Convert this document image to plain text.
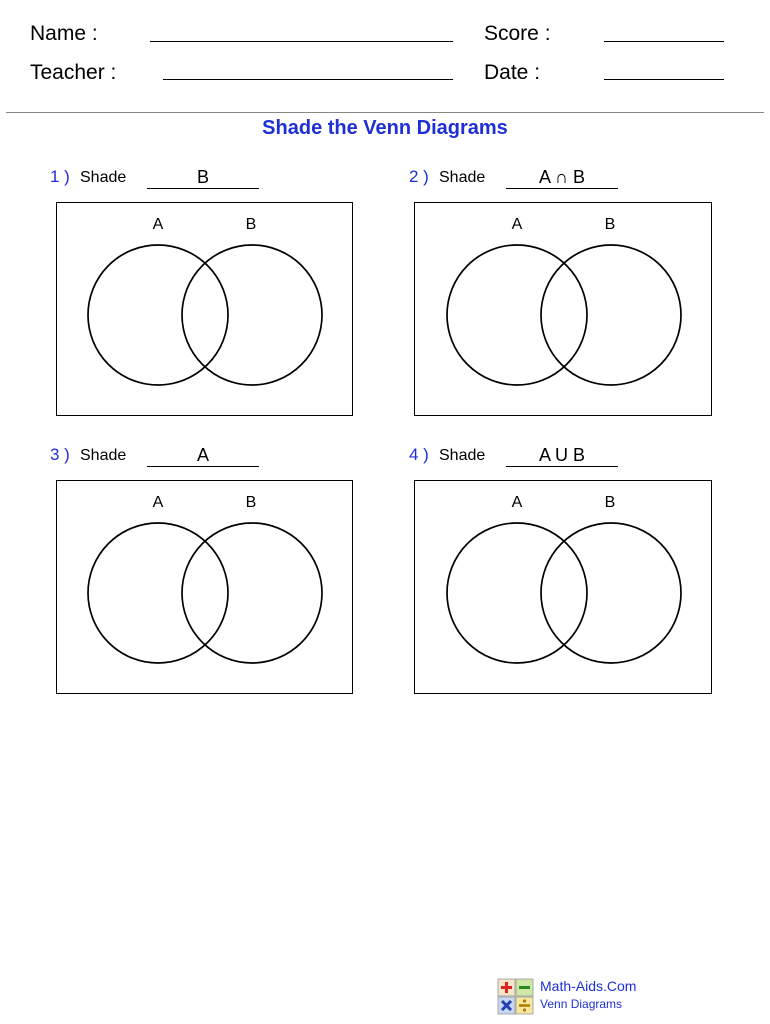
Name :	Score :
Teacher :	Date :
Shade the Venn Diagrams
1 ) Shade	B
A	B
2 ) Shade	A ∩ B
A	B
3 ) Shade	A
A	B
4 ) Shade	A U B
A	B
Math-Aids.Com
Venn Diagrams
